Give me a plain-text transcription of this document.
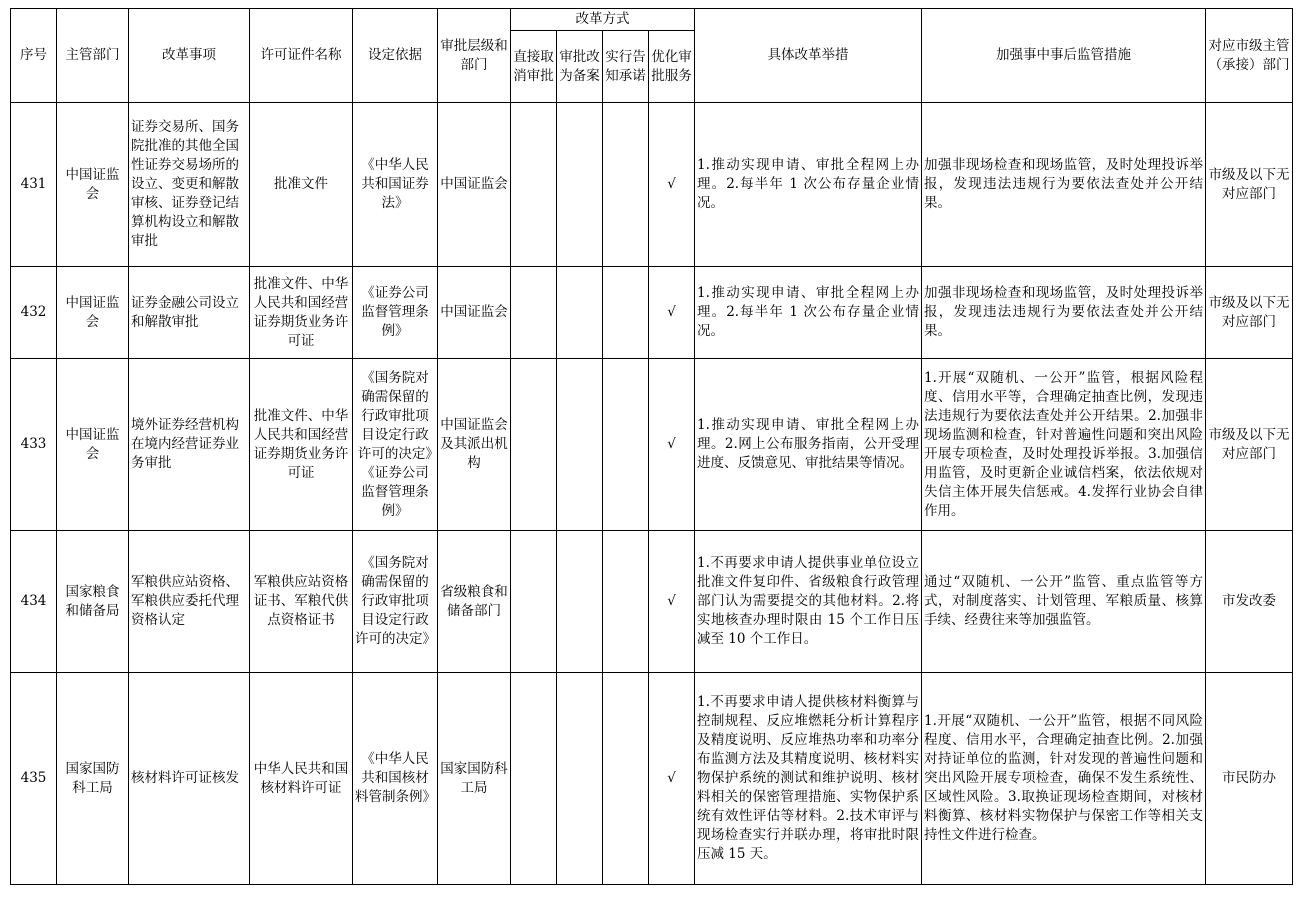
序号	主管部门	改革事项	许可证件名称	设定依据	审批层级和部门	改革方式				具体改革举措	加强事中事后监管措施	对应市级主管（承接）部门
						直接取消审批	审批改为备案	实行告知承诺	优化审批服务			
431	中国证监会	证券交易所、国务院批准的其他全国性证券交易场所的设立、变更和解散审核、证券登记结算机构设立和解散审批	批准文件	《中华人民共和国证券法》	中国证监会				√	1.推动实现申请、审批全程网上办理。2.每半年 1 次公布存量企业情况。	加强非现场检查和现场监管，及时处理投诉举报，发现违法违规行为要依法查处并公开结果。	市级及以下无对应部门
432	中国证监会	证券金融公司设立和解散审批	批准文件、中华人民共和国经营证券期货业务许可证	《证券公司监督管理条例》	中国证监会				√	1.推动实现申请、审批全程网上办理。2.每半年 1 次公布存量企业情况。	加强非现场检查和现场监管，及时处理投诉举报，发现违法违规行为要依法查处并公开结果。	市级及以下无对应部门
433	中国证监会	境外证券经营机构在境内经营证券业务审批	批准文件、中华人民共和国经营证券期货业务许可证	《国务院对确需保留的行政审批项目设定行政许可的决定》《证券公司监督管理条例》	中国证监会及其派出机构				√	1.推动实现申请、审批全程网上办理。2.网上公布服务指南，公开受理进度、反馈意见、审批结果等情况。	1.开展“双随机、一公开”监管，根据风险程度、信用水平等，合理确定抽查比例，发现违法违规行为要依法查处并公开结果。2.加强非现场监测和检查，针对普遍性问题和突出风险开展专项检查，及时处理投诉举报。3.加强信用监管，及时更新企业诚信档案，依法依规对失信主体开展失信惩戒。4.发挥行业协会自律作用。	市级及以下无对应部门
434	国家粮食和储备局	军粮供应站资格、军粮供应委托代理资格认定	军粮供应站资格证书、军粮代供点资格证书	《国务院对确需保留的行政审批项目设定行政许可的决定》	省级粮食和储备部门				√	1.不再要求申请人提供事业单位设立批准文件复印件、省级粮食行政管理部门认为需要提交的其他材料。2.将实地核查办理时限由 15 个工作日压减至 10 个工作日。	通过“双随机、一公开”监管、重点监管等方式，对制度落实、计划管理、军粮质量、核算手续、经费往来等加强监管。	市发改委
435	国家国防科工局	核材料许可证核发	中华人民共和国核材料许可证	《中华人民共和国核材料管制条例》	国家国防科工局				√	1.不再要求申请人提供核材料衡算与控制规程、反应堆燃耗分析计算程序及精度说明、反应堆热功率和功率分布监测方法及其精度说明、核材料实物保护系统的测试和维护说明、核材料相关的保密管理措施、实物保护系统有效性评估等材料。2.技术审评与现场检查实行并联办理，将审批时限压减 15 天。	1.开展“双随机、一公开”监管，根据不同风险程度、信用水平，合理确定抽查比例。2.加强对持证单位的监测，针对发现的普遍性问题和突出风险开展专项检查，确保不发生系统性、区域性风险。3.取换证现场检查期间，对核材料衡算、核材料实物保护与保密工作等相关支持性文件进行检查。	市民防办
